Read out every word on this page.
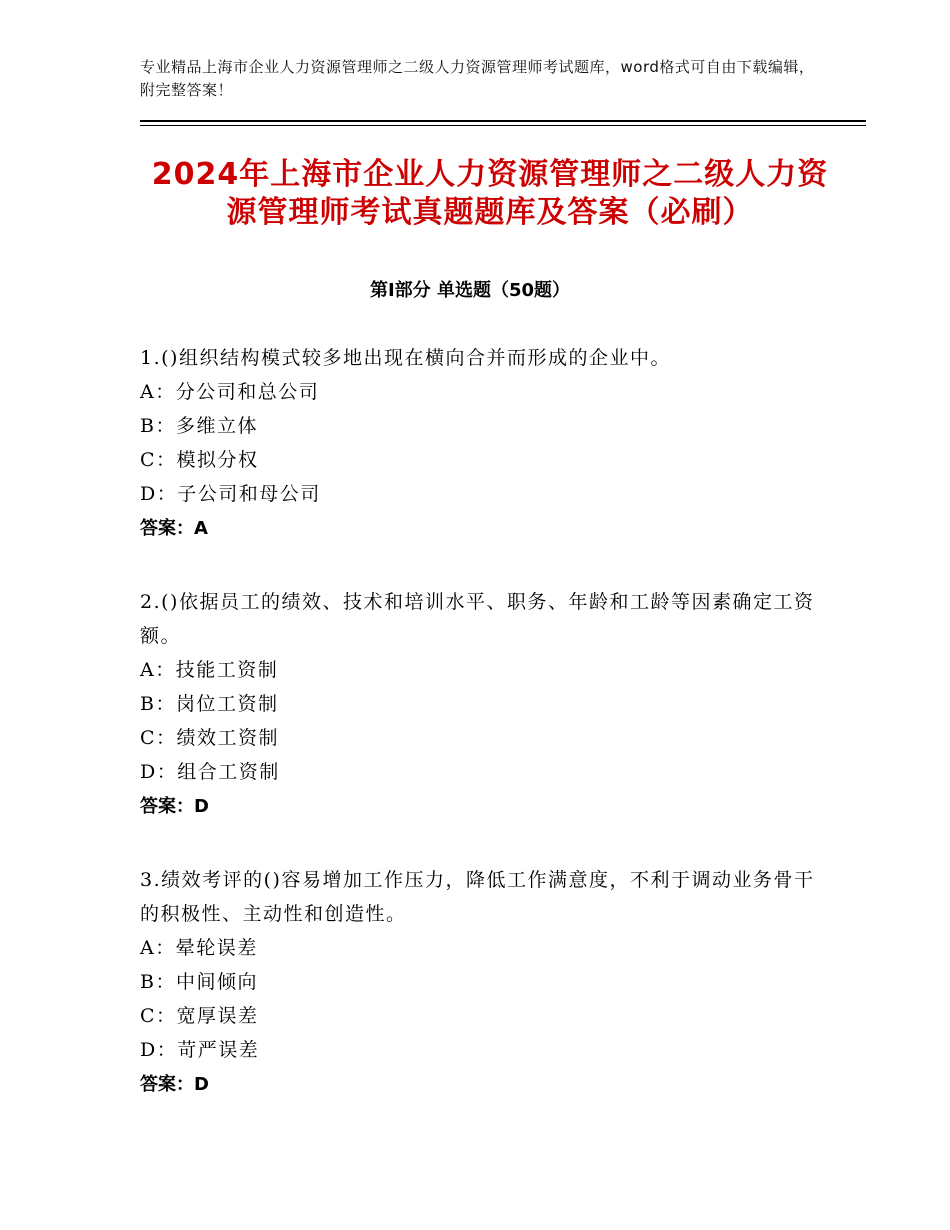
专业精品上海市企业人力资源管理师之二级人力资源管理师考试题库，word格式可自由下载编辑，附完整答案！
2024年上海市企业人力资源管理师之二级人力资源管理师考试真题题库及答案（必刷）
第Ⅰ部分 单选题（50题）
1.()组织结构模式较多地出现在横向合并而形成的企业中。
A：分公司和总公司
B：多维立体
C：模拟分权
D：子公司和母公司
答案：A
2.()依据员工的绩效、技术和培训水平、职务、年龄和工龄等因素确定工资额。
A：技能工资制
B：岗位工资制
C：绩效工资制
D：组合工资制
答案：D
3.绩效考评的()容易增加工作压力，降低工作满意度，不利于调动业务骨干的积极性、主动性和创造性。
A：晕轮误差
B：中间倾向
C：宽厚误差
D：苛严误差
答案：D
